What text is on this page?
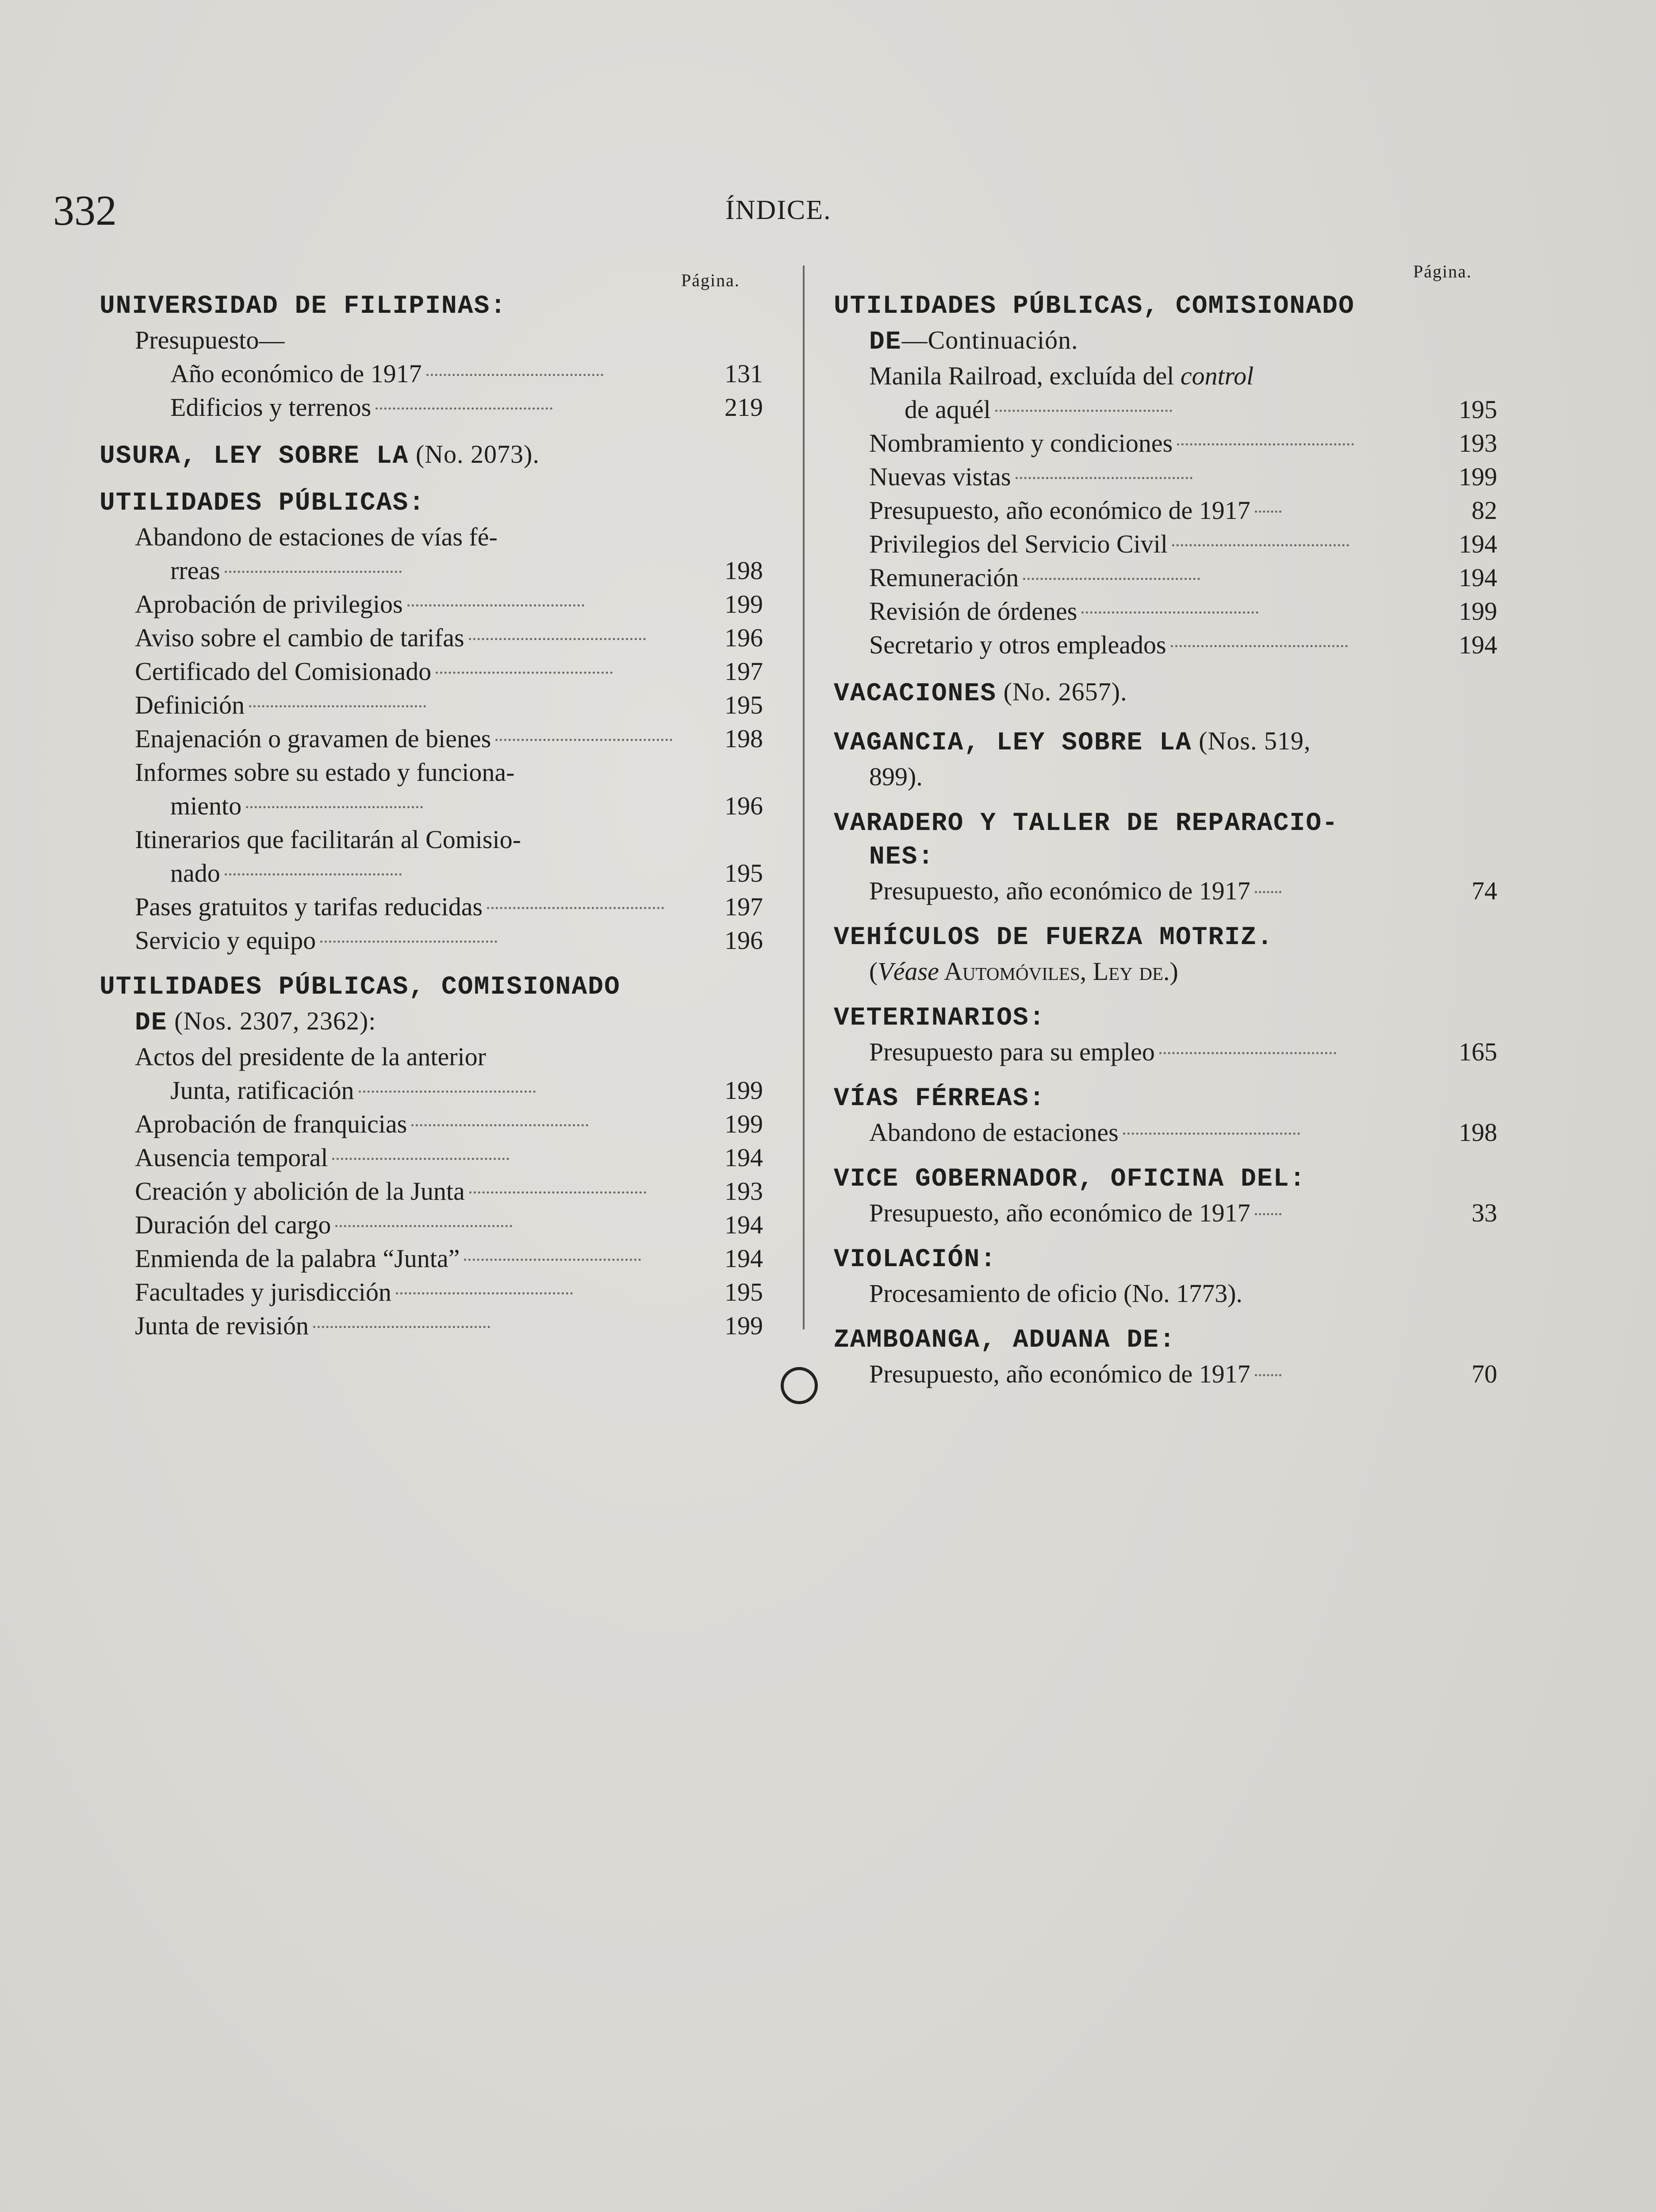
332	ÍNDICE.
Página.	Página.
UNIVERSIDAD DE FILIPINAS:
Presupuesto—
Año económico de 1917	131
Edificios y terrenos	219
USURA, LEY SOBRE LA (No. 2073).
UTILIDADES PÚBLICAS:
Abandono de estaciones de vías fé-
rreas	198
Aprobación de privilegios	199
Aviso sobre el cambio de tarifas	196
Certificado del Comisionado	197
Definición	195
Enajenación o gravamen de bienes	198
Informes sobre su estado y funciona-
miento	196
Itinerarios que facilitarán al Comisio-
nado	195
Pases gratuitos y tarifas reducidas	197
Servicio y equipo	196
UTILIDADES PÚBLICAS, COMISIONADO
DE (Nos. 2307, 2362):
Actos del presidente de la anterior
Junta, ratificación	199
Aprobación de franquicias	199
Ausencia temporal	194
Creación y abolición de la Junta	193
Duración del cargo	194
Enmienda de la palabra “Junta”	194
Facultades y jurisdicción	195
Junta de revisión	199
UTILIDADES PÚBLICAS, COMISIONADO
DE—Continuación.
Manila Railroad, excluída del control
de aquél	195
Nombramiento y condiciones	193
Nuevas vistas	199
Presupuesto, año económico de 1917	82
Privilegios del Servicio Civil	194
Remuneración	194
Revisión de órdenes	199
Secretario y otros empleados	194
VACACIONES (No. 2657).
VAGANCIA, LEY SOBRE LA (Nos. 519,
899).
VARADERO Y TALLER DE REPARACIO-
NES:
Presupuesto, año económico de 1917	74
VEHÍCULOS DE FUERZA MOTRIZ.
(Véase Automóviles, Ley de.)
VETERINARIOS:
Presupuesto para su empleo	165
VÍAS FÉRREAS:
Abandono de estaciones	198
VICE GOBERNADOR, OFICINA DEL:
Presupuesto, año económico de 1917	33
VIOLACIÓN:
Procesamiento de oficio (No. 1773).
ZAMBOANGA, ADUANA DE:
Presupuesto, año económico de 1917	70
